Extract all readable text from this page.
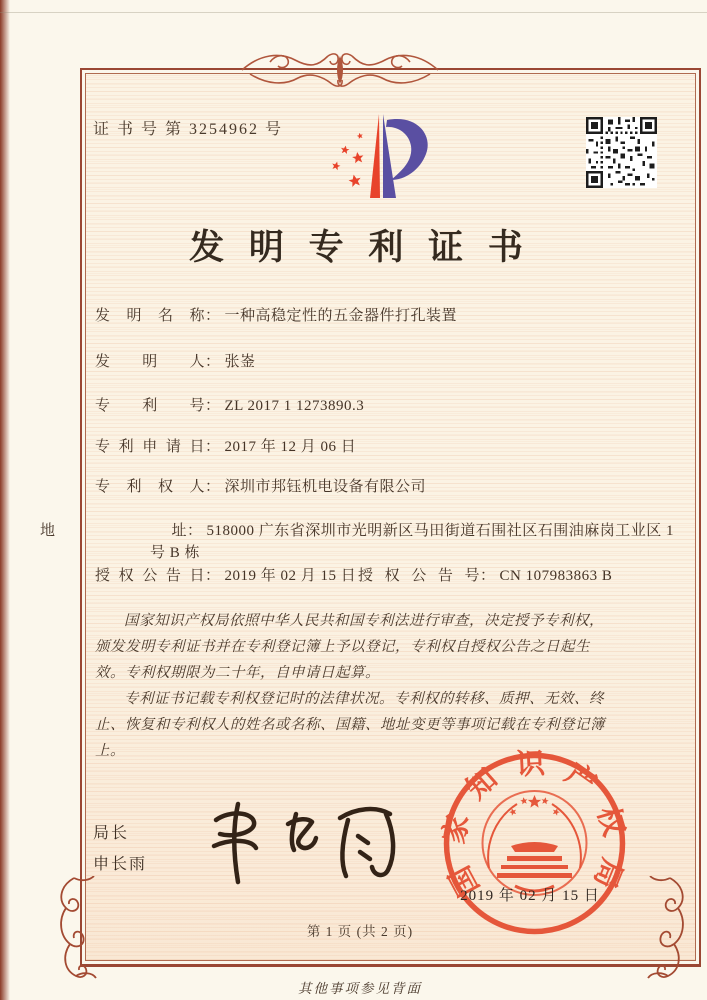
证 书 号 第 3254962 号
发 明 专 利 证 书
发明名称： 一种高稳定性的五金器件打孔装置
发明人： 张崟
专利号： ZL 2017 1 1273890.3
专利申请日： 2017 年 12 月 06 日
专利权人： 深圳市邦钰机电设备有限公司
地址： 518000 广东省深圳市光明新区马田街道石围社区石围油麻岗工业区 1 号 B 栋
授权公告日： 2019 年 02 月 15 日 授权公告号： CN 107983863 B

国家知识产权局依照中华人民共和国专利法进行审查，决定授予专利权，颁发发明专利证书并在专利登记簿上予以登记，专利权自授权公告之日起生效。专利权期限为二十年，自申请日起算。

专利证书记载专利权登记时的法律状况。专利权的转移、质押、无效、终止、恢复和专利权人的姓名或名称、国籍、地址变更等事项记载在专利登记簿上。

局长
申长雨	国家知识产权局
2019 年 02 月 15 日
第 1 页 (共 2 页)
其他事项参见背面
